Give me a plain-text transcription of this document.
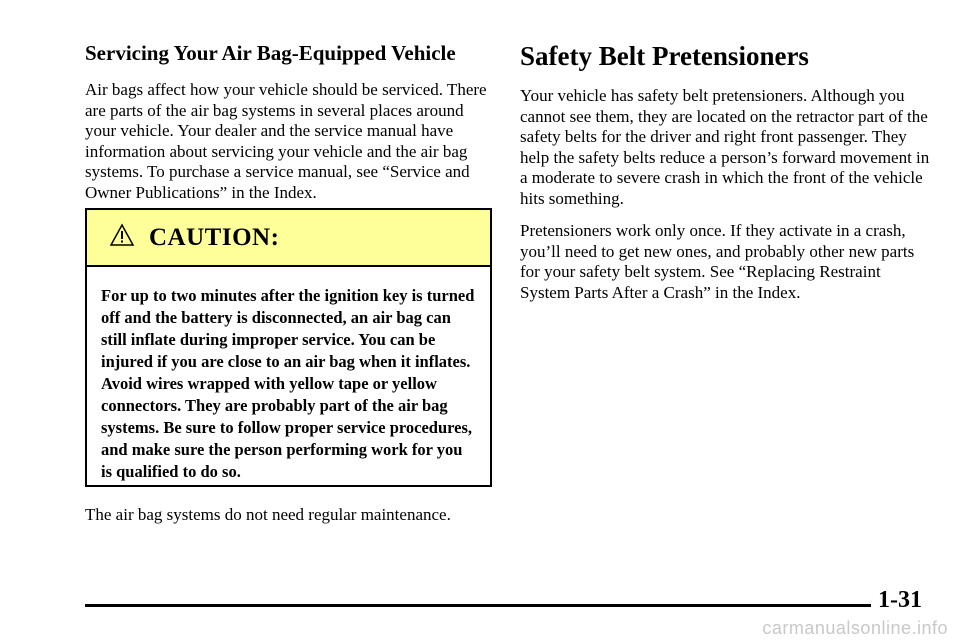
Servicing Your Air Bag-Equipped Vehicle

Air bags affect how your vehicle should be serviced. There are parts of the air bag systems in several places around your vehicle. Your dealer and the service manual have information about servicing your vehicle and the air bag systems. To purchase a service manual, see “Service and Owner Publications” in the Index.

CAUTION:
For up to two minutes after the ignition key is turned off and the battery is disconnected, an air bag can still inflate during improper service. You can be injured if you are close to an air bag when it inflates. Avoid wires wrapped with yellow tape or yellow connectors. They are probably part of the air bag systems. Be sure to follow proper service procedures, and make sure the person performing work for you is qualified to do so.
The air bag systems do not need regular maintenance.
Safety Belt Pretensioners

Your vehicle has safety belt pretensioners. Although you cannot see them, they are located on the retractor part of the safety belts for the driver and right front passenger. They help the safety belts reduce a person’s forward movement in a moderate to severe crash in which the front of the vehicle hits something.

Pretensioners work only once. If they activate in a crash, you’ll need to get new ones, and probably other new parts for your safety belt system. See “Replacing Restraint System Parts After a Crash” in the Index.

1-31
carmanualsonline.info
